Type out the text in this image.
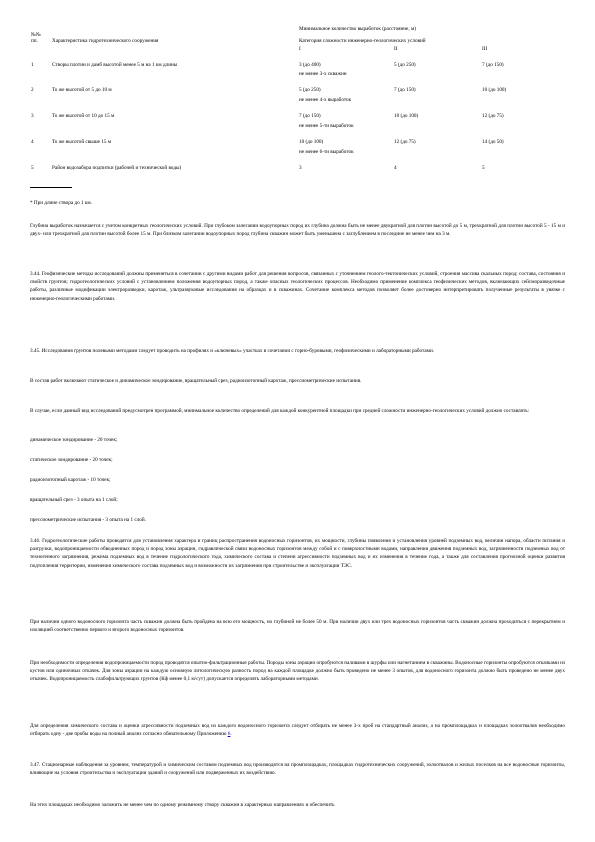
№№ пп.	Характеристика гидротехнического сооружения
Минимальное количество выработок (расстояние, м)
Категория сложности инженерно-геологических условий
I	II	III
1	Створы плотин и дамб высотой менее 5 м на 1 км длины	3 (до 400)	5 (до 250)	7 (до 150)
не менее 3-х скважин
2	То же высотой от 5 до 10 м	5 (до 250)	7 (до 150)	10 (до 100)
не менее 4-х выработок
3	То же высотой от 10 до 15 м	7 (до 150)	10 (до 100)	12 (до 75)
не менее 5-ти выработок
4	То же высотой свыше 15 м	10 (до 100)	12 (до 75)	14 (до 50)
не менее 6-ти выработок
5	Район водозабора подпитки (рабочей и технической воды)	3	4	5
* При длине створа до 1 км.
Глубина выработок назначается с учетом конкретных геологических условий. При глубоком залегании водоупорных пород их глубина должна быть не менее двукратной для плотин высотой до 5 м, трехкратной для плотин высотой 5 - 15 м и двух- или трехкратной для плотин высотой более 15 м. При близком залегании водоупорных пород глубина скважин может быть уменьшена с заглублением в последние не менее чем на 3 м.
3.44. Геофизические методы исследований должны применяться в сочетании с другими видами работ для решения вопросов, связанных с уточнением геолого-тектонических условий, строения массива скальных пород; состава, состояния и свойств грунтов; гидрогеологических условий с установлением положения водоупорных пород, а также опасных геологических процессов. Необходимо применение комплекса геофизических методов, включающих сейсморазведочные работы, различные модификации электроразведки, каротаж, ультразвуковые исследования на образцах и в скважинах. Сочетание комплекса методов позволяет более достоверно интерпретировать полученные результаты в увязке с инженерно-геологическими работами.
3.45. Исследования грунтов полевыми методами следует проводить на профилях и «ключевых» участках в сочетании с горно-буровыми, геофизическими и лабораторными работами.
В состав работ включают статическое и динамическое зондирование, вращательный срез, радиоизотопный каротаж, прессиометрические испытания.
В случае, если данный вид исследований предусмотрен программой, минимальное количество определений для каждой конкурентной площадки при средней сложности инженерно-геологических условий должно составлять:
динамическое зондирование - 20 точек;
статическое зондирование - 20 точек;
радиоизотопный каротаж - 10 точек;
вращательный срез - 3 опыта на 1 слой;
прессиометрические испытания - 3 опыта на 1 слой.
3.46. Гидрогеологические работы проводятся для установления характера и границ распространения водоносных горизонтов, их мощности, глубины появления и установления уровней подземных вод, величин напора, области питания и разгрузки, водопроницаемости обводненных пород и пород зоны аэрации, гидравлической связи водоносных горизонтов между собой и с поверхностными водами, направления движения подземных вод, загрязненности подземных вод от техногенного загрязнения, режима подземных вод в течение гидрологического года, химического состава и степени агрессивности подземных вод и их изменения в течение года, а также для составления прогнозной оценки развития подтопления территории, изменения химического состава подземных вод и возможности их загрязнения при строительстве и эксплуатации ТЭС.
При наличии одного водоносного горизонта часть скважин должна быть пройдена на всю его мощность, но глубиной не более 50 м. При наличии двух или трех водоносных горизонтов часть скважин должна проходиться с перекрытием и изоляцией соответственно первого и второго водоносных горизонтов.
При необходимости определения водопроницаемости пород проводятся опытно-фильтрационные работы. Породы зоны аэрации опробуются наливами в шурфы или нагнетанием в скважины. Водоносные горизонты опробуются откачками из кустов или одиночных откачек. Для зоны аэрации на каждую основную литологическую разность пород на каждой площадке должно быть проведено не менее 3 опытов, для водоносного горизонта должно быть проведено не менее двух откачек. Водопроницаемость слабофильтрующих грунтов (Кф менее 0,1 м/сут) допускается определять лабораторными методами.
Для определения химического состава и оценки агрессивности подземных вод из каждого водоносного горизонта следует отбирать не менее 3-х проб на стандартный анализ, а на промплощадках и площадках золоотвалов необходимо отбирать одну - две пробы воды на полный анализ согласно обязательному Приложению 6.
3.47. Стационарные наблюдения за уровнем, температурой и химическим составом подземных вод производятся на промплощадках, площадках гидротехнических сооружений, золоотвалов и жилых поселков на все водоносные горизонты, влияющие на условия строительства и эксплуатации зданий и сооружений или подверженных их воздействию.
На этих площадках необходимо заложить не менее чем по одному режимному створу скважин в характерных направлениях и обеспечить
